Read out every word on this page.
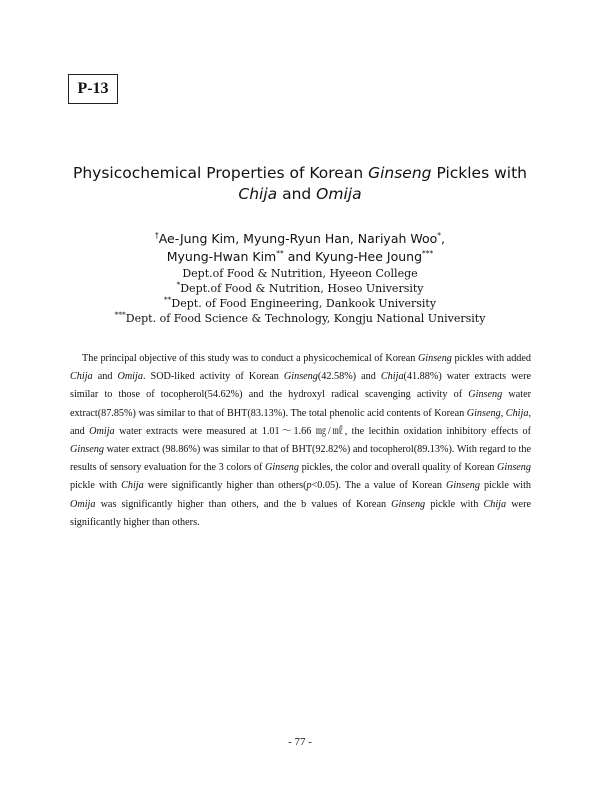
P-13
Physicochemical Properties of Korean Ginseng Pickles with
Chija and Omija
†Ae-Jung Kim, Myung-Ryun Han, Nariyah Woo*,
Myung-Hwan Kim** and Kyung-Hee Joung***
Dept.of Food & Nutrition, Hyeeon College
*Dept.of Food & Nutrition, Hoseo University
**Dept. of Food Engineering, Dankook University
***Dept. of Food Science & Technology, Kongju National University
The principal objective of this study was to conduct a physicochemical of Korean Ginseng pickles with added Chija and Omija. SOD-liked activity of Korean Ginseng(42.58%) and Chija(41.88%) water extracts were similar to those of tocopherol(54.62%) and the hydroxyl radical scavenging activity of Ginseng water extract(87.85%) was similar to that of BHT(83.13%). The total phenolic acid contents of Korean Ginseng, Chija, and Omija water extracts were measured at 1.01～1.66 ㎎/㎖, the lecithin oxidation inhibitory effects of Ginseng water extract (98.86%) was similar to that of BHT(92.82%) and tocopherol(89.13%). With regard to the results of sensory evaluation for the 3 colors of Ginseng pickles, the color and overall quality of Korean Ginseng pickle with Chija were significantly higher than others(p<0.05). The a value of Korean Ginseng pickle with Omija was significantly higher than others, and the b values of Korean Ginseng pickle with Chija were significantly higher than others.
- 77 -
